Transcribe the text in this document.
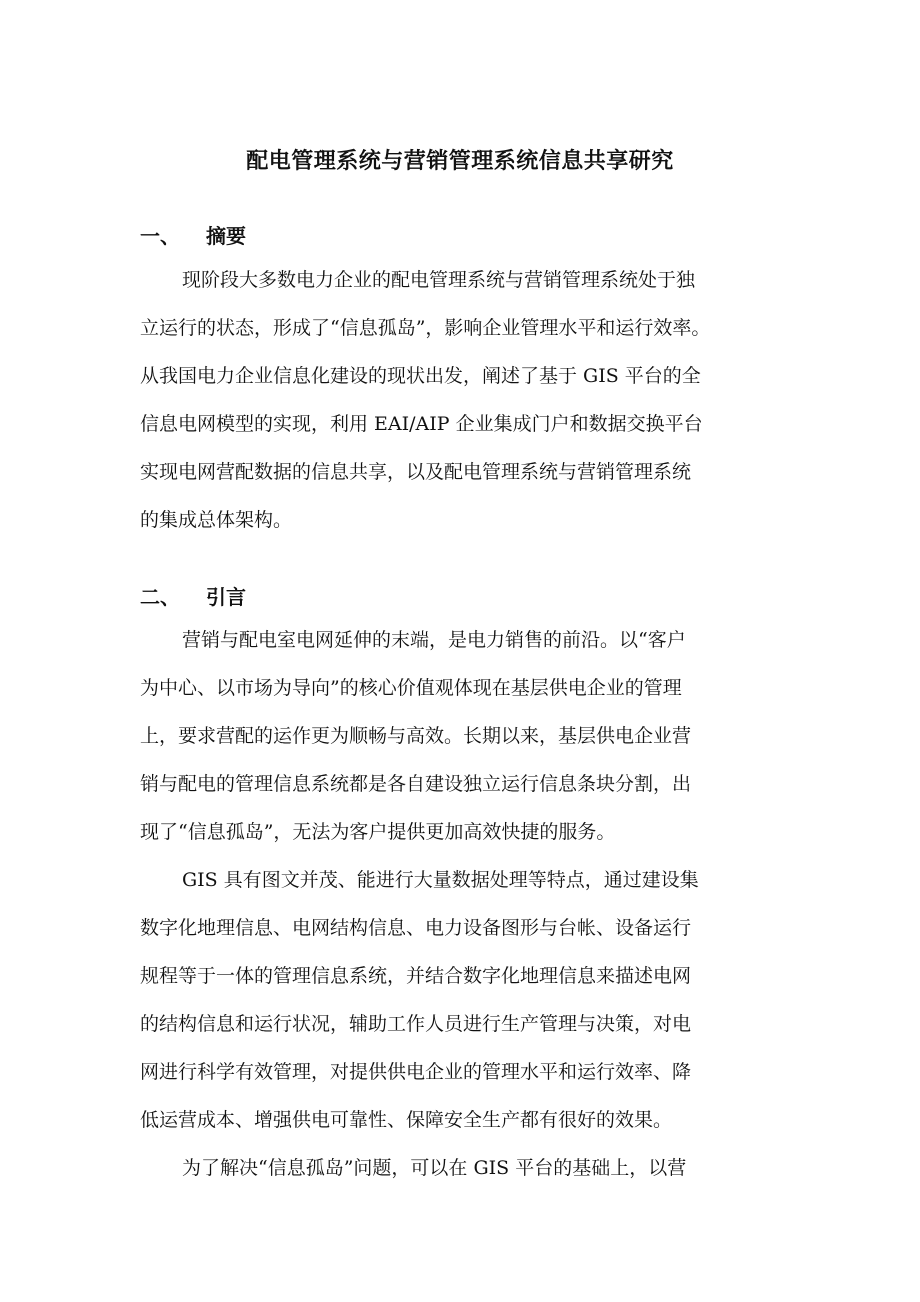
配电管理系统与营销管理系统信息共享研究
一、 摘要
现阶段大多数电力企业的配电管理系统与营销管理系统处于独
立运行的状态，形成了“信息孤岛”，影响企业管理水平和运行效率。
从我国电力企业信息化建设的现状出发，阐述了基于 GIS 平台的全
信息电网模型的实现，利用 EAI/AIP 企业集成门户和数据交换平台
实现电网营配数据的信息共享，以及配电管理系统与营销管理系统
的集成总体架构。
二、 引言
营销与配电室电网延伸的末端，是电力销售的前沿。以“客户
为中心、以市场为导向”的核心价值观体现在基层供电企业的管理
上，要求营配的运作更为顺畅与高效。长期以来，基层供电企业营
销与配电的管理信息系统都是各自建设独立运行信息条块分割，出
现了“信息孤岛”，无法为客户提供更加高效快捷的服务。
GIS 具有图文并茂、能进行大量数据处理等特点，通过建设集
数字化地理信息、电网结构信息、电力设备图形与台帐、设备运行
规程等于一体的管理信息系统，并结合数字化地理信息来描述电网
的结构信息和运行状况，辅助工作人员进行生产管理与决策，对电
网进行科学有效管理，对提供供电企业的管理水平和运行效率、降
低运营成本、增强供电可靠性、保障安全生产都有很好的效果。
为了解决“信息孤岛”问题，可以在 GIS 平台的基础上，以营
